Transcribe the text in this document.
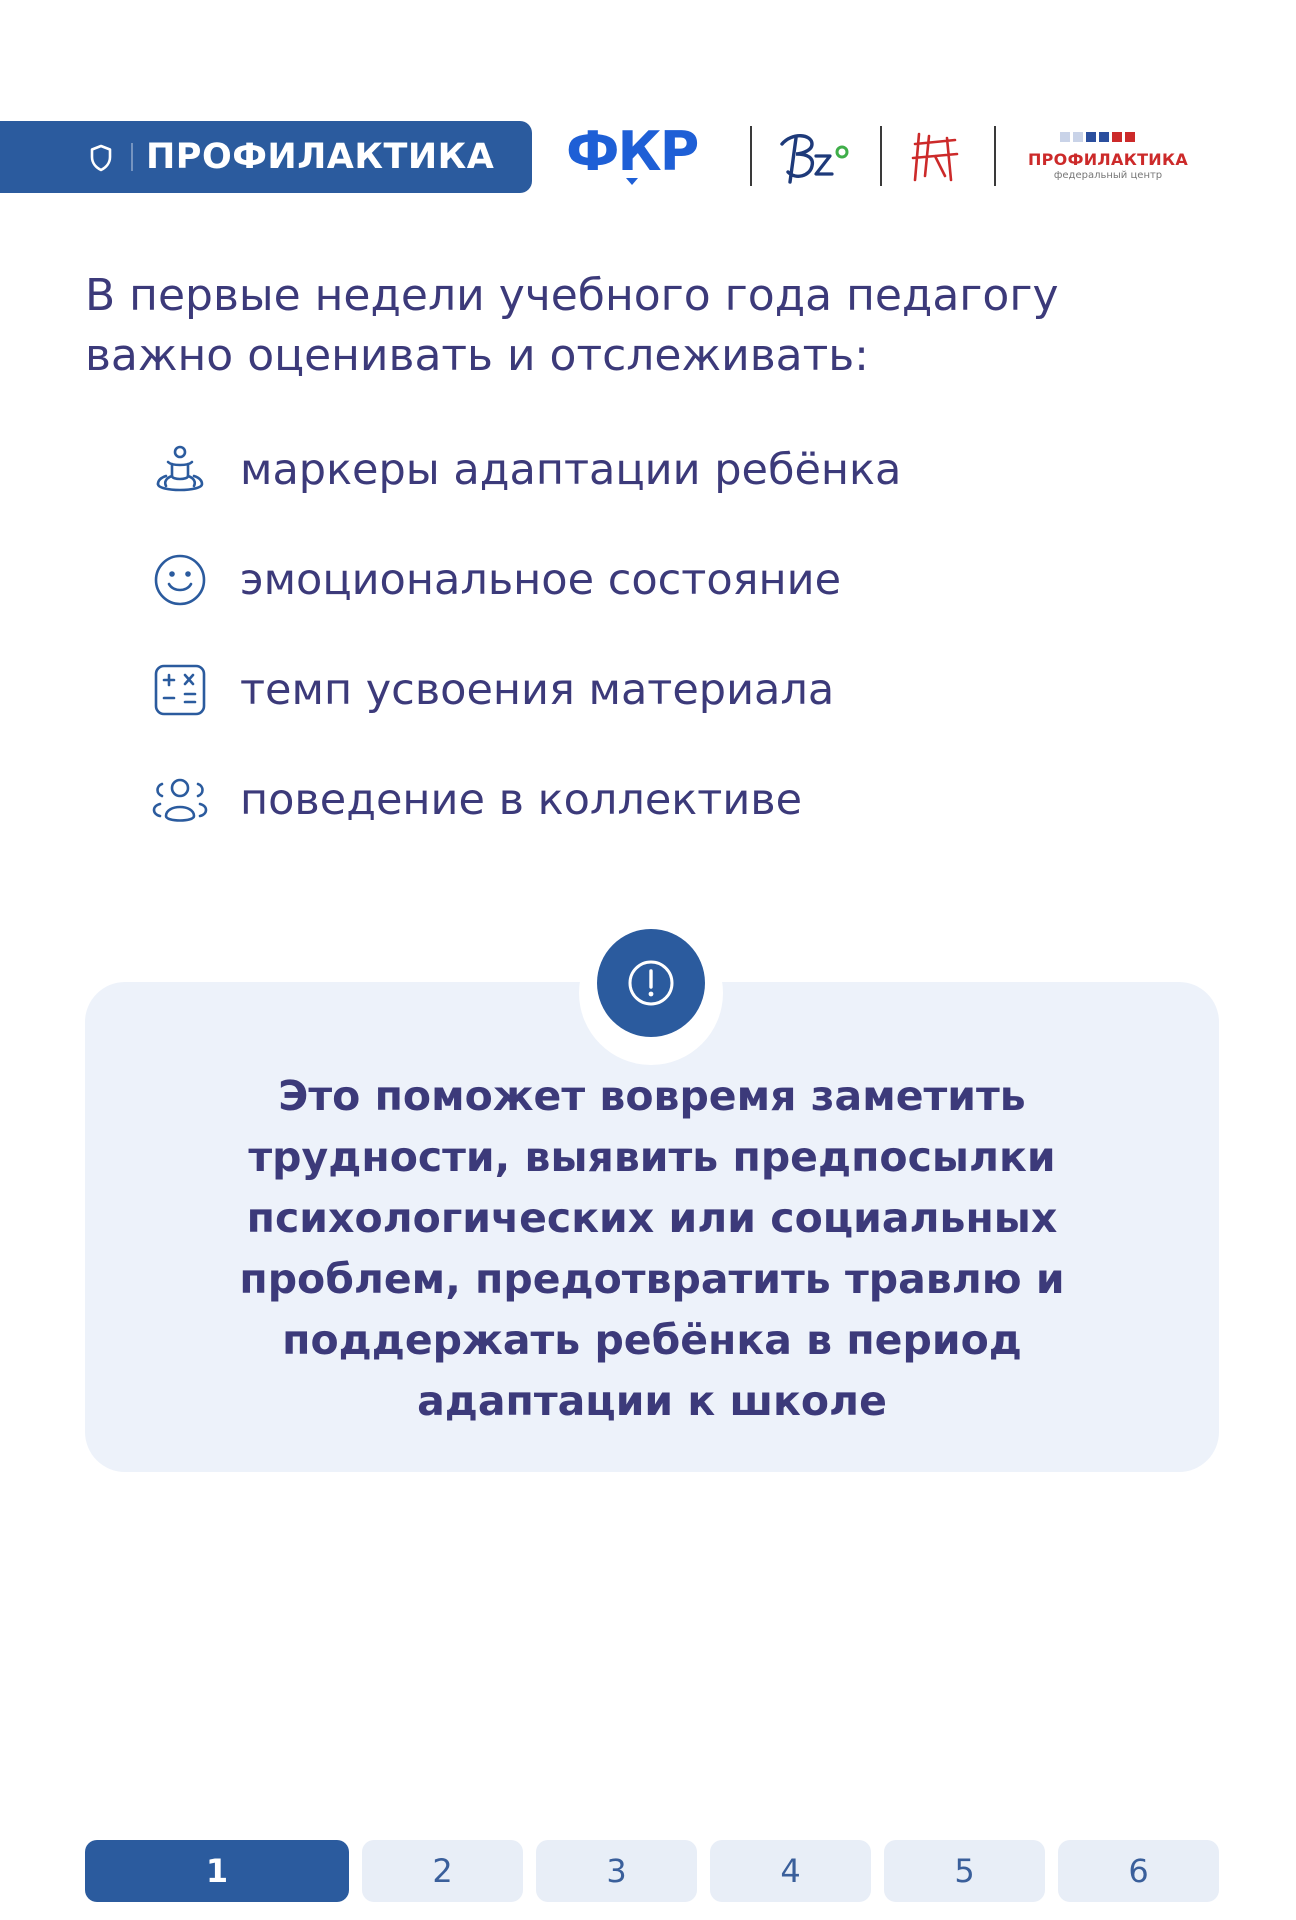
ПРОФИЛАКТИКА ФКР	ПРОФИЛАКТИКА
федеральный центр

В первые недели учебного года педагогу важно оценивать и отслеживать:

маркеры адаптации ребёнка
эмоциональное состояние
темп усвоения материала
поведение в коллективе

Это поможет вовремя заметить трудности, выявить предпосылки психологических или социальных проблем, предотвратить травлю и поддержать ребёнка в период адаптации к школе

1	2	3	4	5	6
